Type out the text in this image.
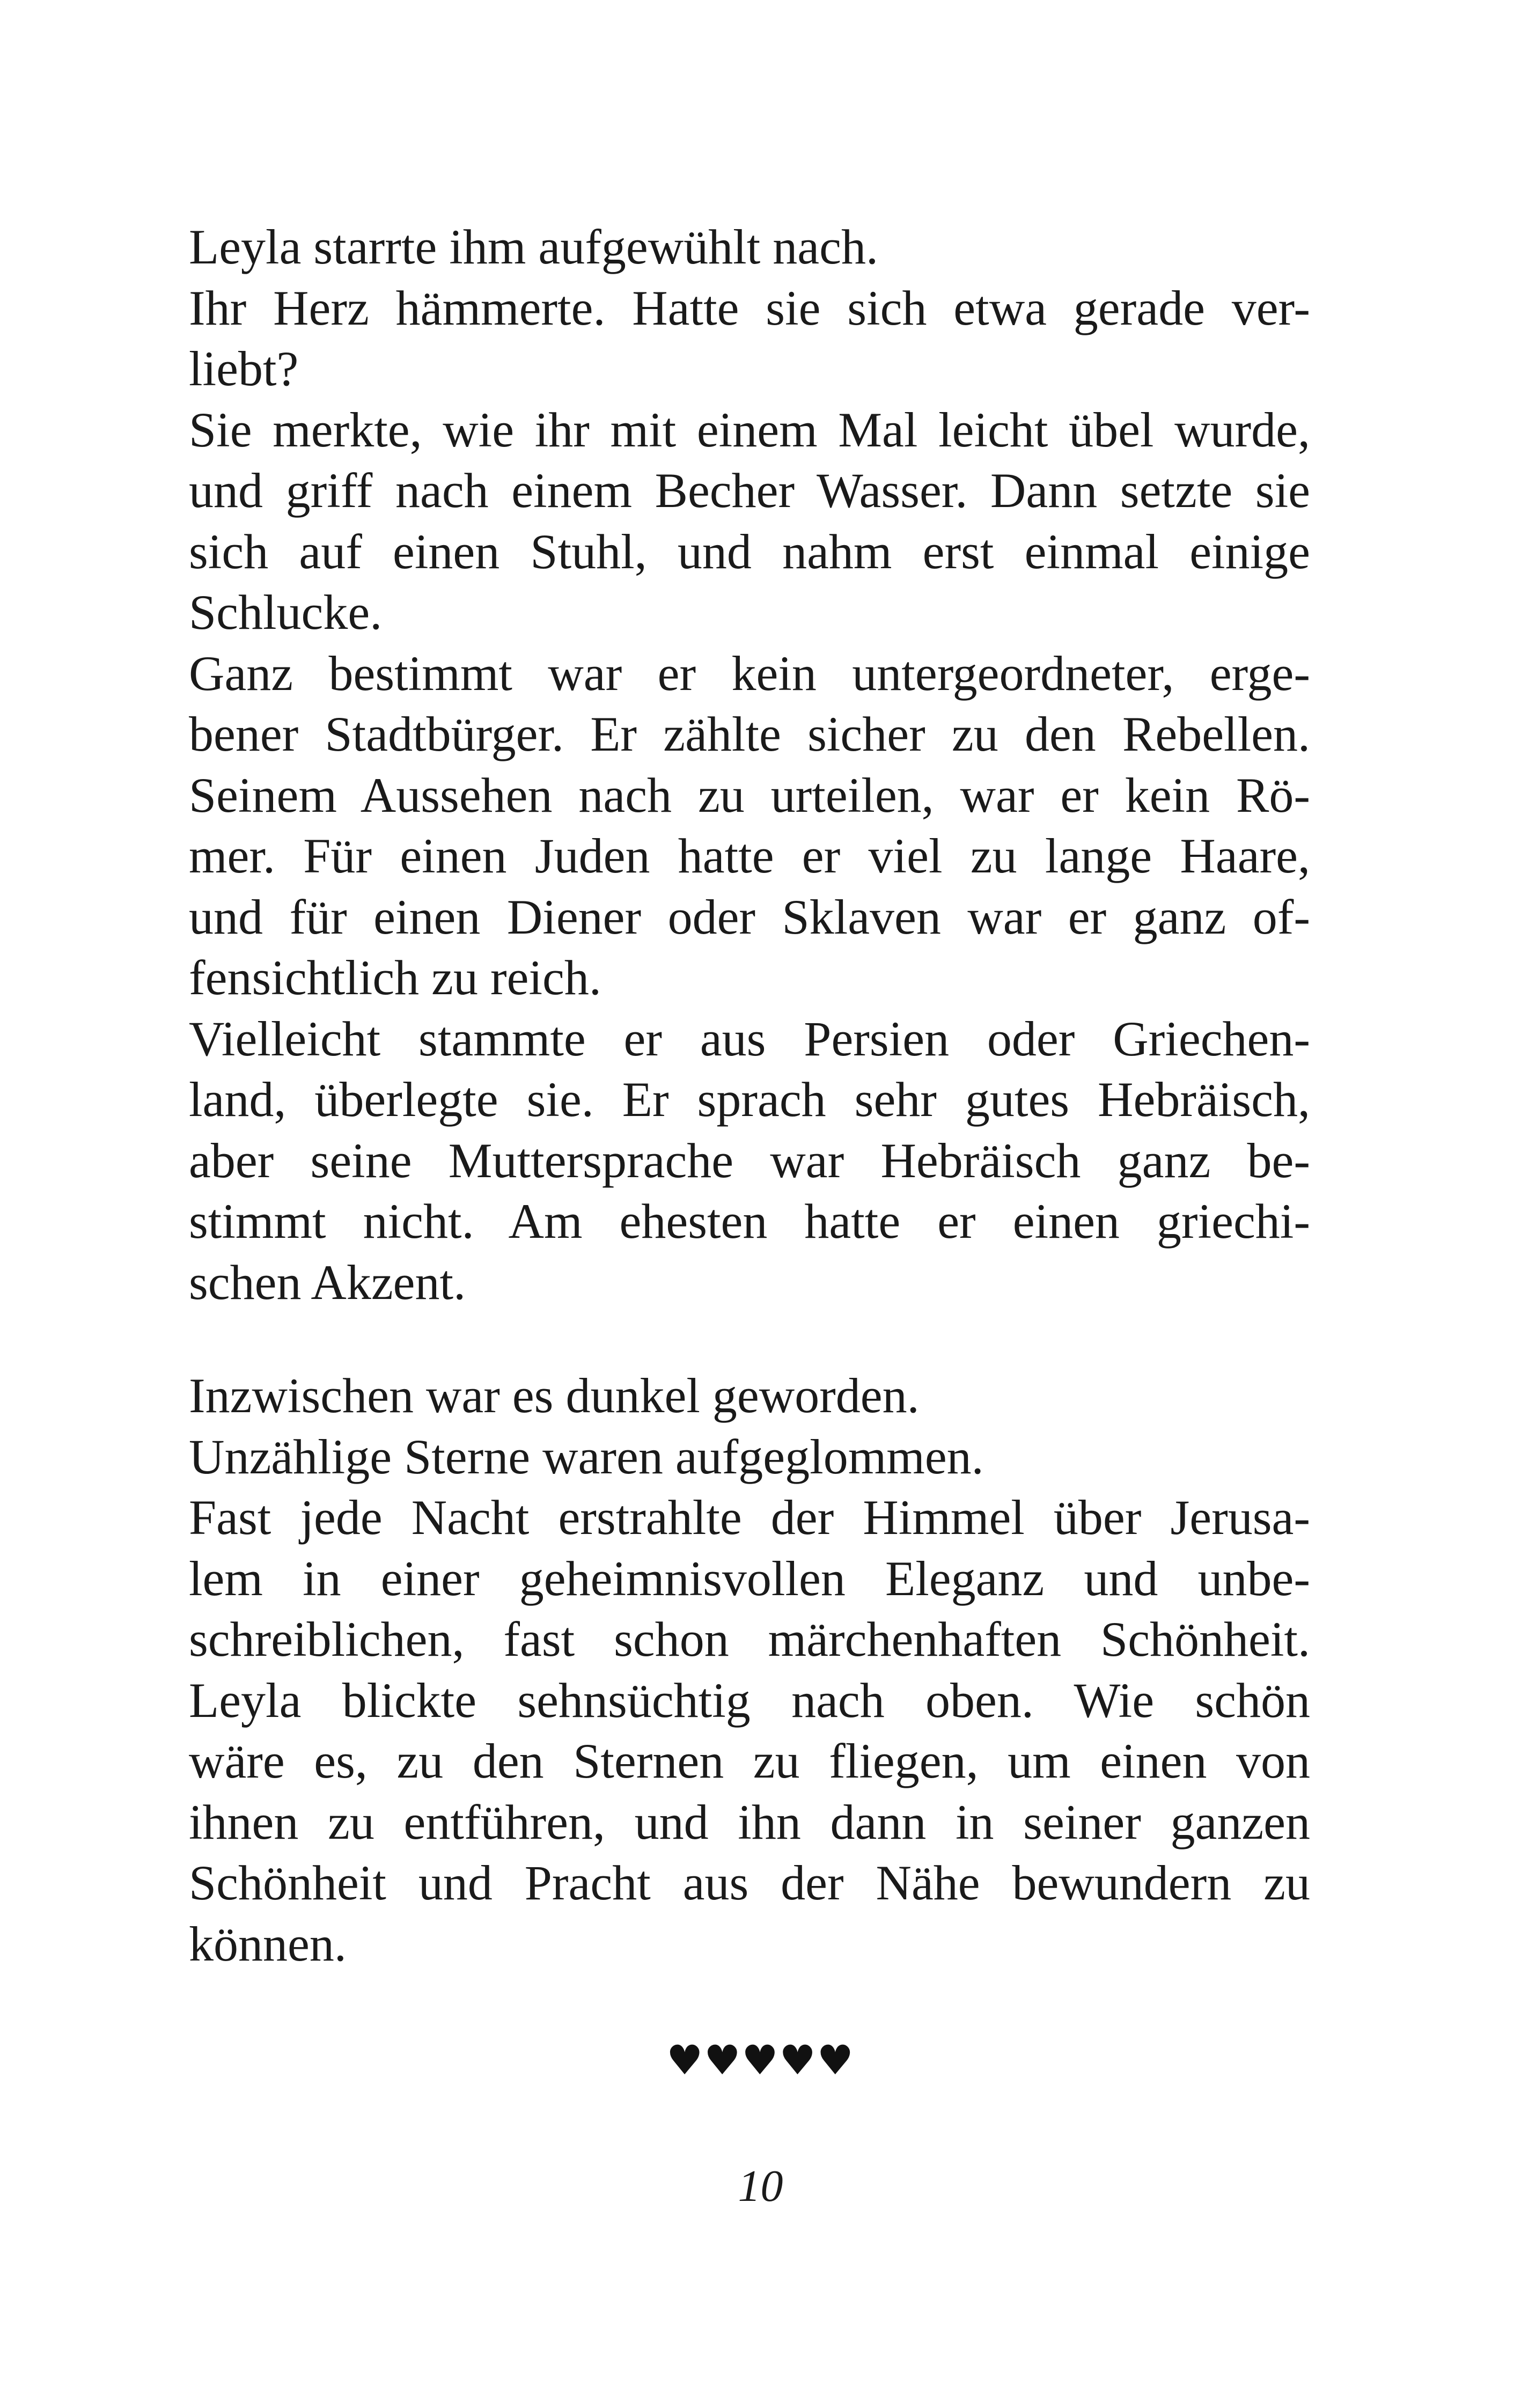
Leyla starrte ihm aufgewühlt nach.
Ihr Herz hämmerte. Hatte sie sich etwa gerade ver-
liebt?
Sie merkte, wie ihr mit einem Mal leicht übel wurde,
und griff nach einem Becher Wasser. Dann setzte sie
sich auf einen Stuhl, und nahm erst einmal einige
Schlucke.
Ganz bestimmt war er kein untergeordneter, erge-
bener Stadtbürger. Er zählte sicher zu den Rebellen.
Seinem Aussehen nach zu urteilen, war er kein Rö-
mer. Für einen Juden hatte er viel zu lange Haare,
und für einen Diener oder Sklaven war er ganz of-
fensichtlich zu reich.
Vielleicht stammte er aus Persien oder Griechen-
land, überlegte sie. Er sprach sehr gutes Hebräisch,
aber seine Muttersprache war Hebräisch ganz be-
stimmt nicht. Am ehesten hatte er einen griechi-
schen Akzent.
Inzwischen war es dunkel geworden.
Unzählige Sterne waren aufgeglommen.
Fast jede Nacht erstrahlte der Himmel über Jerusa-
lem in einer geheimnisvollen Eleganz und unbe-
schreiblichen, fast schon märchenhaften Schönheit.
Leyla blickte sehnsüchtig nach oben. Wie schön
wäre es, zu den Sternen zu fliegen, um einen von
ihnen zu entführen, und ihn dann in seiner ganzen
Schönheit und Pracht aus der Nähe bewundern zu
können.
♥♥♥♥♥
10
